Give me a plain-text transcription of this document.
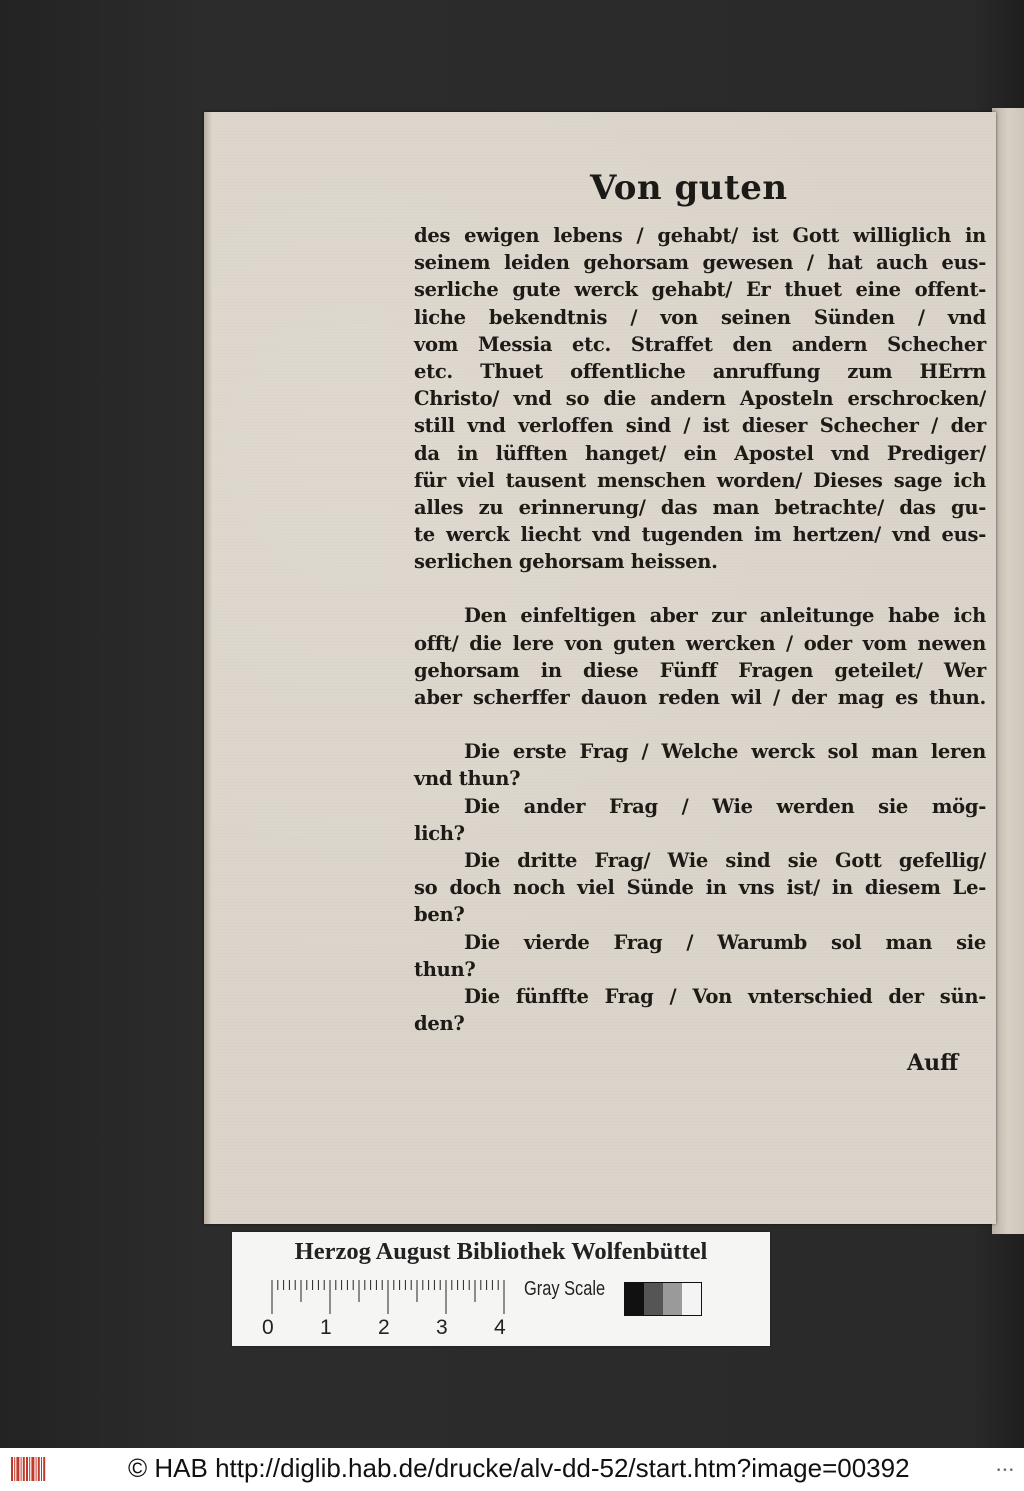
Von guten
des ewigen lebens / gehabt/ ist Gott williglich in
seinem leiden gehorsam gewesen / hat auch eus-
serliche gute werck gehabt/ Er thuet eine offent-
liche bekendtnis / von seinen Sünden / vnd
vom Messia etc. Straffet den andern Schecher
etc. Thuet offentliche anruffung zum HErrn
Christo/ vnd so die andern Aposteln erschrocken/
still vnd verloffen sind / ist dieser Schecher / der
da in lüfften hanget/ ein Apostel vnd Prediger/
für viel tausent menschen worden/ Dieses sage ich
alles zu erinnerung/ das man betrachte/ das gu-
te werck liecht vnd tugenden im hertzen/ vnd eus-
serlichen gehorsam heissen.
Den einfeltigen aber zur anleitunge habe ich
offt/ die lere von guten wercken / oder vom newen
gehorsam in diese Fünff Fragen geteilet/ Wer
aber scherffer dauon reden wil / der mag es thun.
Die erste Frag / Welche werck sol man leren
vnd thun?
Die ander Frag / Wie werden sie mög-
lich?
Die dritte Frag/ Wie sind sie Gott gefellig/
so doch noch viel Sünde in vns ist/ in diesem Le-
ben?
Die vierde Frag / Warumb sol man sie
thun?
Die fünffte Frag / Von vnterschied der sün-
den?
Auff
Herzog August Bibliothek Wolfenbüttel
0 1 2 3 4
Gray Scale
© HAB http://diglib.hab.de/drucke/alv-dd-52/start.htm?image=00392	•••
